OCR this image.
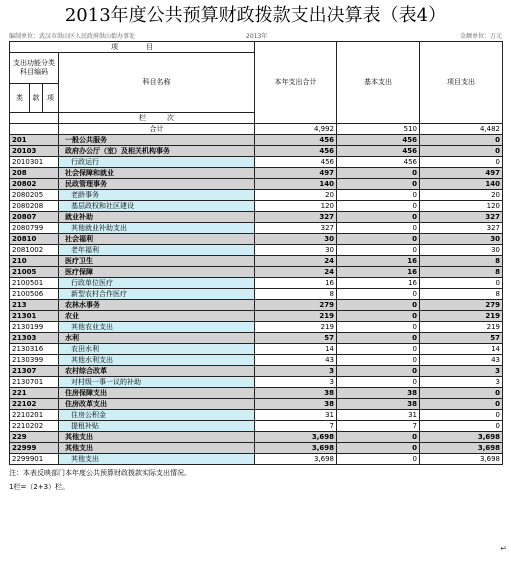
2013年度公共预算财政拨款支出决算表（表4）
编制单位：武汉市洪山区人民政府洪山街办事处	2013年	金额单位：万元
项　　　　目				本年支出合计	基本支出	项目支出	
支出功能分类科目编码			科目名称				
类	款	项					
			栏　　　次			
			合计	4,992	510	4,482	
201			一般公共服务	456	456	0	
20103			政府办公厅（室）及相关机构事务	456	456	0	
2010301			行政运行	456	456	0	
208			社会保障和就业	497	0	497	
20802			民政管理事务	140	0	140	
2080205			老龄事务	20	0	20	
2080208			基层政权和社区建设	120	0	120	
20807			就业补助	327	0	327	
2080799			其他就业补助支出	327	0	327	
20810			社会福利	30	0	30	
2081002			老年福利	30	0	30	
210			医疗卫生	24	16	8	
21005			医疗保障	24	16	8	
2100501			行政单位医疗	16	16	0	
2100506			新型农村合作医疗	8	0	8	
213			农林水事务	279	0	279	
21301			农业	219	0	219	
2130199			其他农业支出	219	0	219	
21303			水利	57	0	57	
2130316			农田水利	14	0	14	
2130399			其他水利支出	43	0	43	
21307			农村综合改革	3	0	3	
2130701			对村级一事一议的补助	3	0	3	
221			住房保障支出	38	38	0	
22102			住房改革支出	38	38	0	
2210201			住房公积金	31	31	0	
2210202			提租补贴	7	7	0	
229			其他支出	3,698	0	3,698	
22999			其他支出	3,698	0	3,698	
2299901			其他支出	3,698	0	3,698	
注：本表反映部门本年度公共预算财政拨款实际支出情况。
1栏=（2+3）栏。
↵
